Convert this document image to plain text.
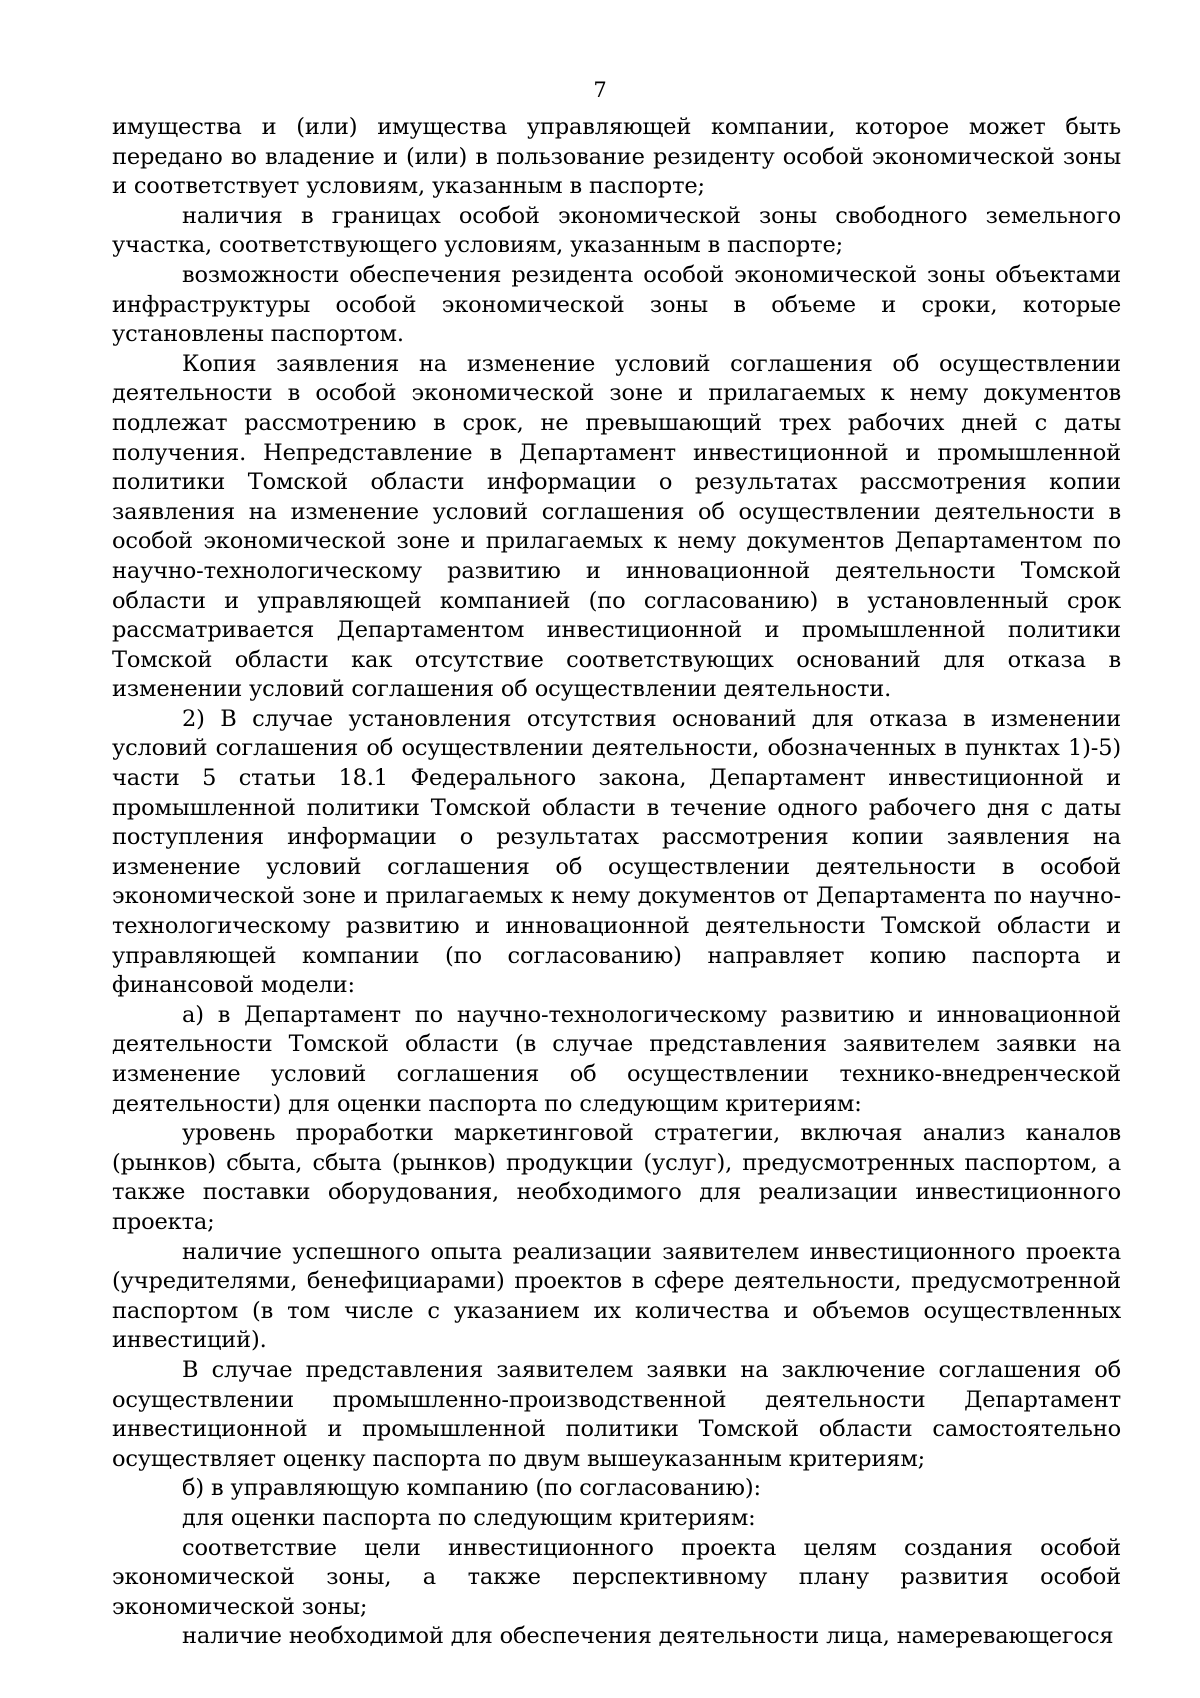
7

имущества и (или) имущества управляющей компании, которое может быть передано во владение и (или) в пользование резиденту особой экономической зоны и соответствует условиям, указанным в паспорте;

наличия в границах особой экономической зоны свободного земельного участка, соответствующего условиям, указанным в паспорте;

возможности обеспечения резидента особой экономической зоны объектами инфраструктуры особой экономической зоны в объеме и сроки, которые установлены паспортом.

Копия заявления на изменение условий соглашения об осуществлении деятельности в особой экономической зоне и прилагаемых к нему документов подлежат рассмотрению в срок, не превышающий трех рабочих дней с даты получения. Непредставление в Департамент инвестиционной и промышленной политики Томской области информации о результатах рассмотрения копии заявления на изменение условий соглашения об осуществлении деятельности в особой экономической зоне и прилагаемых к нему документов Департаментом по научно-технологическому развитию и инновационной деятельности Томской области и управляющей компанией (по согласованию) в установленный срок рассматривается Департаментом инвестиционной и промышленной политики Томской области как отсутствие соответствующих оснований для отказа в изменении условий соглашения об осуществлении деятельности.

2) В случае установления отсутствия оснований для отказа в изменении условий соглашения об осуществлении деятельности, обозначенных в пунктах 1)-5) части 5 статьи 18.1 Федерального закона, Департамент инвестиционной и промышленной политики Томской области в течение одного рабочего дня с даты поступления информации о результатах рассмотрения копии заявления на изменение условий соглашения об осуществлении деятельности в особой экономической зоне и прилагаемых к нему документов от Департамента по научно-технологическому развитию и инновационной деятельности Томской области и управляющей компании (по согласованию) направляет копию паспорта и финансовой модели:

а) в Департамент по научно-технологическому развитию и инновационной деятельности Томской области (в случае представления заявителем заявки на изменение условий соглашения об осуществлении технико-внедренческой деятельности) для оценки паспорта по следующим критериям:

уровень проработки маркетинговой стратегии, включая анализ каналов (рынков) сбыта, сбыта (рынков) продукции (услуг), предусмотренных паспортом, а также поставки оборудования, необходимого для реализации инвестиционного проекта;

наличие успешного опыта реализации заявителем инвестиционного проекта (учредителями, бенефициарами) проектов в сфере деятельности, предусмотренной паспортом (в том числе с указанием их количества и объемов осуществленных инвестиций).

В случае представления заявителем заявки на заключение соглашения об осуществлении промышленно-производственной деятельности Департамент инвестиционной и промышленной политики Томской области самостоятельно осуществляет оценку паспорта по двум вышеуказанным критериям;

б) в управляющую компанию (по согласованию):

для оценки паспорта по следующим критериям:

соответствие цели инвестиционного проекта целям создания особой экономической зоны, а также перспективному плану развития особой экономической зоны;

наличие необходимой для обеспечения деятельности лица, намеревающегося
